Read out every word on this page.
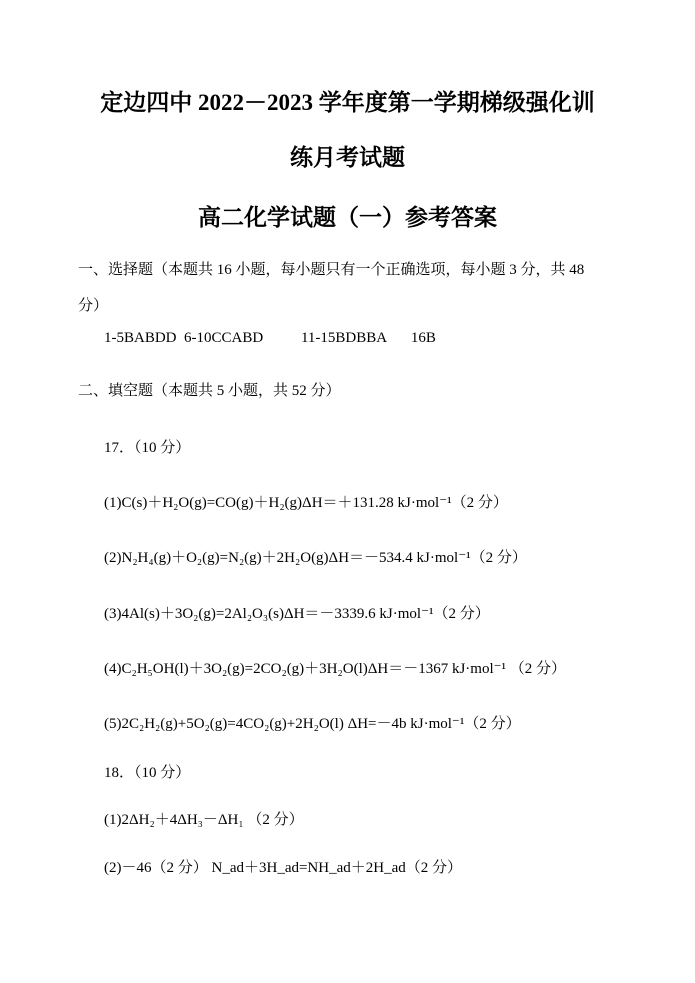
定边四中 2022－2023 学年度第一学期梯级强化训
练月考试题
高二化学试题（一）参考答案
一、选择题（本题共 16 小题，每小题只有一个正确选项，每小题 3 分，共 48
分）
1-5BABDD 6-10CCABD	11-15BDBBA 16B
二、填空题（本题共 5 小题，共 52 分）
17．（10 分）
(1)C(s)＋H₂O(g)=CO(g)＋H₂(g)ΔH＝＋131.28 kJ·mol⁻¹（2 分）
(2)N₂H₄(g)＋O₂(g)=N₂(g)＋2H₂O(g)ΔH＝－534.4 kJ·mol⁻¹（2 分）
(3)4Al(s)＋3O₂(g)=2Al₂O₃(s)ΔH＝－3339.6 kJ·mol⁻¹（2 分）
(4)C₂H₅OH(l)＋3O₂(g)=2CO₂(g)＋3H₂O(l)ΔH＝－1367 kJ·mol⁻¹ （2 分）
(5)2C₂H₂(g)+5O₂(g)=4CO₂(g)+2H₂O(l) ΔH=－4b kJ·mol⁻¹（2 分）
18．（10 分）
(1)2ΔH₂＋4ΔH₃－ΔH₁ （2 分）
(2)－46（2 分） N_ad＋3H_ad=NH_ad＋2H_ad（2 分）
